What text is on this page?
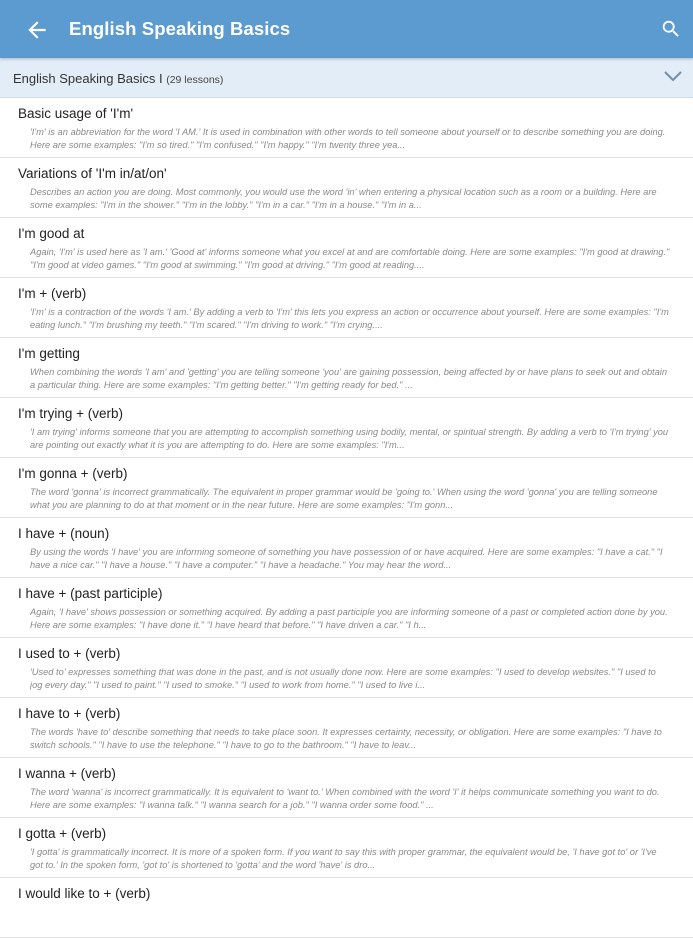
English Speaking Basics
English Speaking Basics I (29 lessons)
Basic usage of 'I'm'
'I'm' is an abbreviation for the word 'I AM.' It is used in combination with other words to tell someone about yourself or to describe something you are doing. Here are some examples: "I'm so tired." "I'm confused." "I'm happy." "I'm twenty three yea...
Variations of 'I'm in/at/on'
Describes an action you are doing. Most commonly, you would use the word 'in' when entering a physical location such as a room or a building. Here are some examples: "I'm in the shower." "I'm in the lobby." "I'm in a car." "I'm in a house." "I'm in a...
I'm good at
Again, 'I'm' is used here as 'I am.' 'Good at' informs someone what you excel at and are comfortable doing. Here are some examples: "I'm good at drawing." "I'm good at video games." "I'm good at swimming." "I'm good at driving." "I'm good at reading....
I'm + (verb)
'I'm' is a contraction of the words 'I am.' By adding a verb to 'I'm' this lets you express an action or occurrence about yourself. Here are some examples: "I'm eating lunch." "I'm brushing my teeth." "I'm scared." "I'm driving to work." "I'm crying....
I'm getting
When combining the words 'I am' and 'getting' you are telling someone 'you' are gaining possession, being affected by or have plans to seek out and obtain a particular thing. Here are some examples: "I'm getting better." "I'm getting ready for bed." ...
I'm trying + (verb)
'I am trying' informs someone that you are attempting to accomplish something using bodily, mental, or spiritual strength. By adding a verb to 'I'm trying' you are pointing out exactly what it is you are attempting to do. Here are some examples: "I'm...
I'm gonna + (verb)
The word 'gonna' is incorrect grammatically. The equivalent in proper grammar would be 'going to.' When using the word 'gonna' you are telling someone what you are planning to do at that moment or in the near future. Here are some examples: "I'm gonn...
I have + (noun)
By using the words 'I have' you are informing someone of something you have possession of or have acquired. Here are some examples: "I have a cat." "I have a nice car." "I have a house." "I have a computer." "I have a headache." You may hear the word...
I have + (past participle)
Again, 'I have' shows possession or something acquired. By adding a past participle you are informing someone of a past or completed action done by you. Here are some examples: "I have done it." "I have heard that before." "I have driven a car." "I h...
I used to + (verb)
'Used to' expresses something that was done in the past, and is not usually done now. Here are some examples: "I used to develop websites." "I used to jog every day." "I used to paint." "I used to smoke." "I used to work from home." "I used to live i...
I have to + (verb)
The words 'have to' describe something that needs to take place soon. It expresses certainty, necessity, or obligation. Here are some examples: "I have to switch schools." "I have to use the telephone." "I have to go to the bathroom." "I have to leav...
I wanna + (verb)
The word 'wanna' is incorrect grammatically. It is equivalent to 'want to.' When combined with the word 'I' it helps communicate something you want to do. Here are some examples: "I wanna talk." "I wanna search for a job." "I wanna order some food." ...
I gotta + (verb)
'I gotta' is grammatically incorrect. It is more of a spoken form. If you want to say this with proper grammar, the equivalent would be, 'I have got to' or 'I've got to.' In the spoken form, 'got to' is shortened to 'gotta' and the word 'have' is dro...
I would like to + (verb)
